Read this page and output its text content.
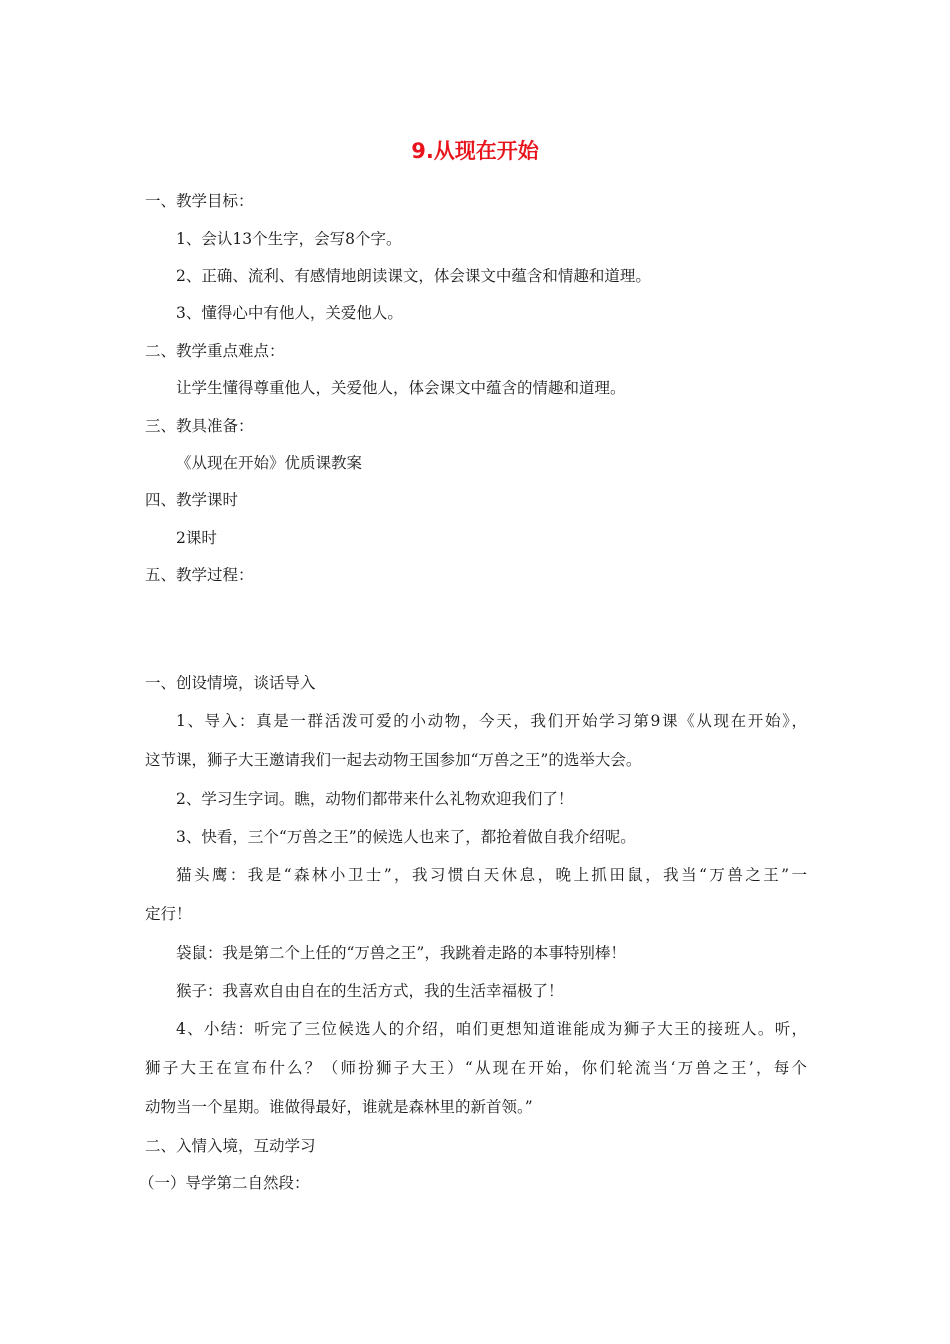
9.从现在开始
一、教学目标：
1、会认13个生字，会写8个字。
2、正确、流利、有感情地朗读课文，体会课文中蕴含和情趣和道理。
3、懂得心中有他人，关爱他人。
二、教学重点难点：
让学生懂得尊重他人，关爱他人，体会课文中蕴含的情趣和道理。
三、教具准备：
《从现在开始》优质课教案
四、教学课时
2课时
五、教学过程：
一、创设情境，谈话导入
1、导入：真是一群活泼可爱的小动物，今天，我们开始学习第9课《从现在开始》，
这节课，狮子大王邀请我们一起去动物王国参加“万兽之王”的选举大会。
2、学习生字词。瞧，动物们都带来什么礼物欢迎我们了！
3、快看，三个“万兽之王”的候选人也来了，都抢着做自我介绍呢。
猫头鹰：我是“森林小卫士”，我习惯白天休息，晚上抓田鼠，我当“万兽之王”一
定行！
袋鼠：我是第二个上任的“万兽之王”，我跳着走路的本事特别棒！
猴子：我喜欢自由自在的生活方式，我的生活幸福极了！
4、小结：听完了三位候选人的介绍，咱们更想知道谁能成为狮子大王的接班人。听，
狮子大王在宣布什么？（师扮狮子大王）“从现在开始，你们轮流当‘万兽之王’，每个
动物当一个星期。谁做得最好，谁就是森林里的新首领。”
二、入情入境，互动学习
（一）导学第二自然段：
